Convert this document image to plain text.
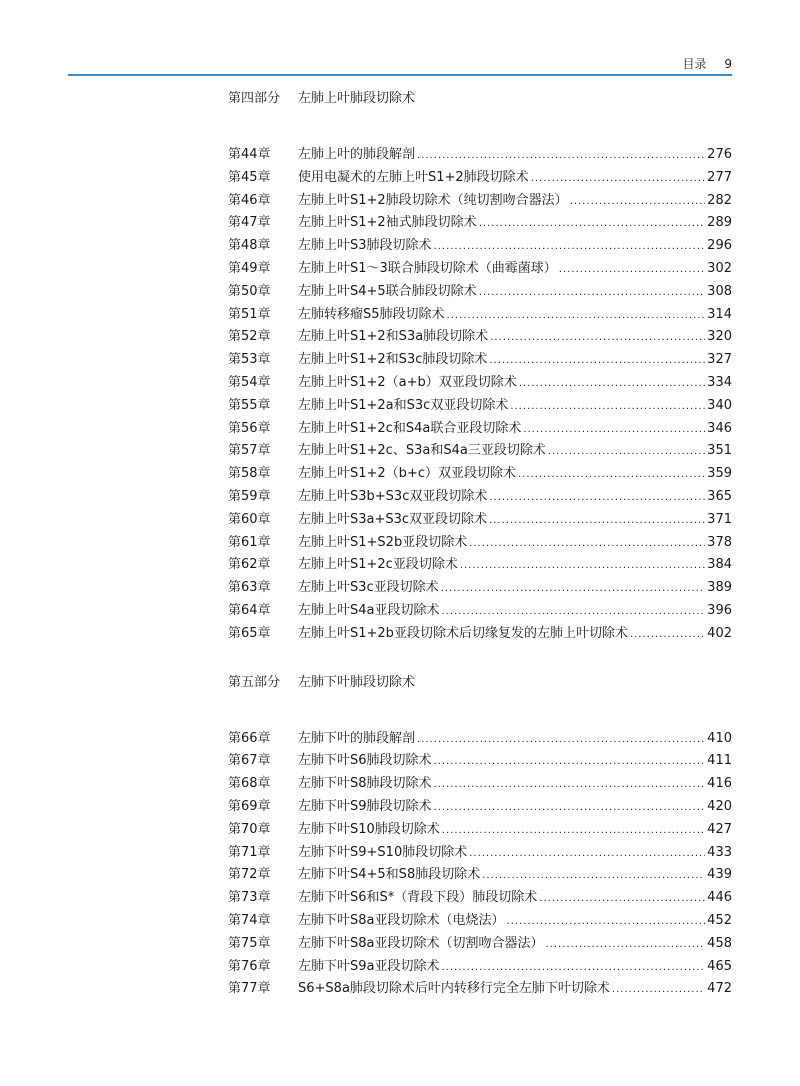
目录 9
第四部分	左肺上叶肺段切除术
第44章	左肺上叶的肺段解剖 .....	276
第45章	使用电凝术的左肺上叶S1+2肺段切除术 .....	277
第46章	左肺上叶S1+2肺段切除术（纯切割吻合器法） .....	282
第47章	左肺上叶S1+2袖式肺段切除术 .....	289
第48章	左肺上叶S3肺段切除术 .....	296
第49章	左肺上叶S1～3联合肺段切除术（曲霉菌球） .....	302
第50章	左肺上叶S4+5联合肺段切除术 .....	308
第51章	左肺转移瘤S5肺段切除术 .....	314
第52章	左肺上叶S1+2和S3a肺段切除术 .....	320
第53章	左肺上叶S1+2和S3c肺段切除术 .....	327
第54章	左肺上叶S1+2（a+b）双亚段切除术 .....	334
第55章	左肺上叶S1+2a和S3c双亚段切除术 .....	340
第56章	左肺上叶S1+2c和S4a联合亚段切除术 .....	346
第57章	左肺上叶S1+2c、S3a和S4a三亚段切除术 .....	351
第58章	左肺上叶S1+2（b+c）双亚段切除术 .....	359
第59章	左肺上叶S3b+S3c双亚段切除术 .....	365
第60章	左肺上叶S3a+S3c双亚段切除术 .....	371
第61章	左肺上叶S1+S2b亚段切除术 .....	378
第62章	左肺上叶S1+2c亚段切除术 .....	384
第63章	左肺上叶S3c亚段切除术 .....	389
第64章	左肺上叶S4a亚段切除术 .....	396
第65章	左肺上叶S1+2b亚段切除术后切缘复发的左肺上叶切除术 .....	402
第五部分	左肺下叶肺段切除术
第66章	左肺下叶的肺段解剖 .....	410
第67章	左肺下叶S6肺段切除术 .....	411
第68章	左肺下叶S8肺段切除术 .....	416
第69章	左肺下叶S9肺段切除术 .....	420
第70章	左肺下叶S10肺段切除术 .....	427
第71章	左肺下叶S9+S10肺段切除术 .....	433
第72章	左肺下叶S4+5和S8肺段切除术 .....	439
第73章	左肺下叶S6和S*（背段下段）肺段切除术 .....	446
第74章	左肺下叶S8a亚段切除术（电烧法） .....	452
第75章	左肺下叶S8a亚段切除术（切割吻合器法） .....	458
第76章	左肺下叶S9a亚段切除术 .....	465
第77章	S6+S8a肺段切除术后叶内转移行完全左肺下叶切除术 .....	472
